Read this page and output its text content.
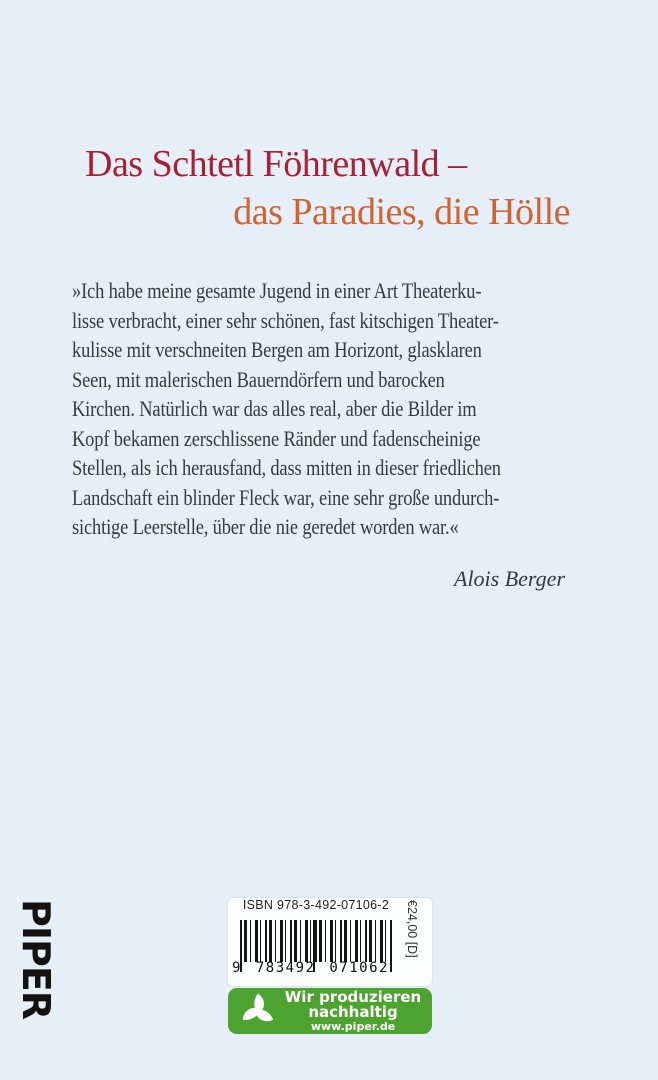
Das Schtetl Föhrenwald –
das Paradies, die Hölle
»Ich habe meine gesamte Jugend in einer Art Theaterku-
lisse verbracht, einer sehr schönen, fast kitschigen Theater-
kulisse mit verschneiten Bergen am Horizont, glasklaren
Seen, mit malerischen Bauerndörfern und barocken
Kirchen. Natürlich war das alles real, aber die Bilder im
Kopf bekamen zerschlissene Ränder und fadenscheinige
Stellen, als ich herausfand, dass mitten in dieser friedlichen
Landschaft ein blinder Fleck war, eine sehr große undurch-
sichtige Leerstelle, über die nie geredet worden war.«
Alois Berger
PIPER	ISBN 978-3-492-07106-2
9 783492 071062
Wir produzieren
nachhaltig
www.piper.de
€24,00 [D]
